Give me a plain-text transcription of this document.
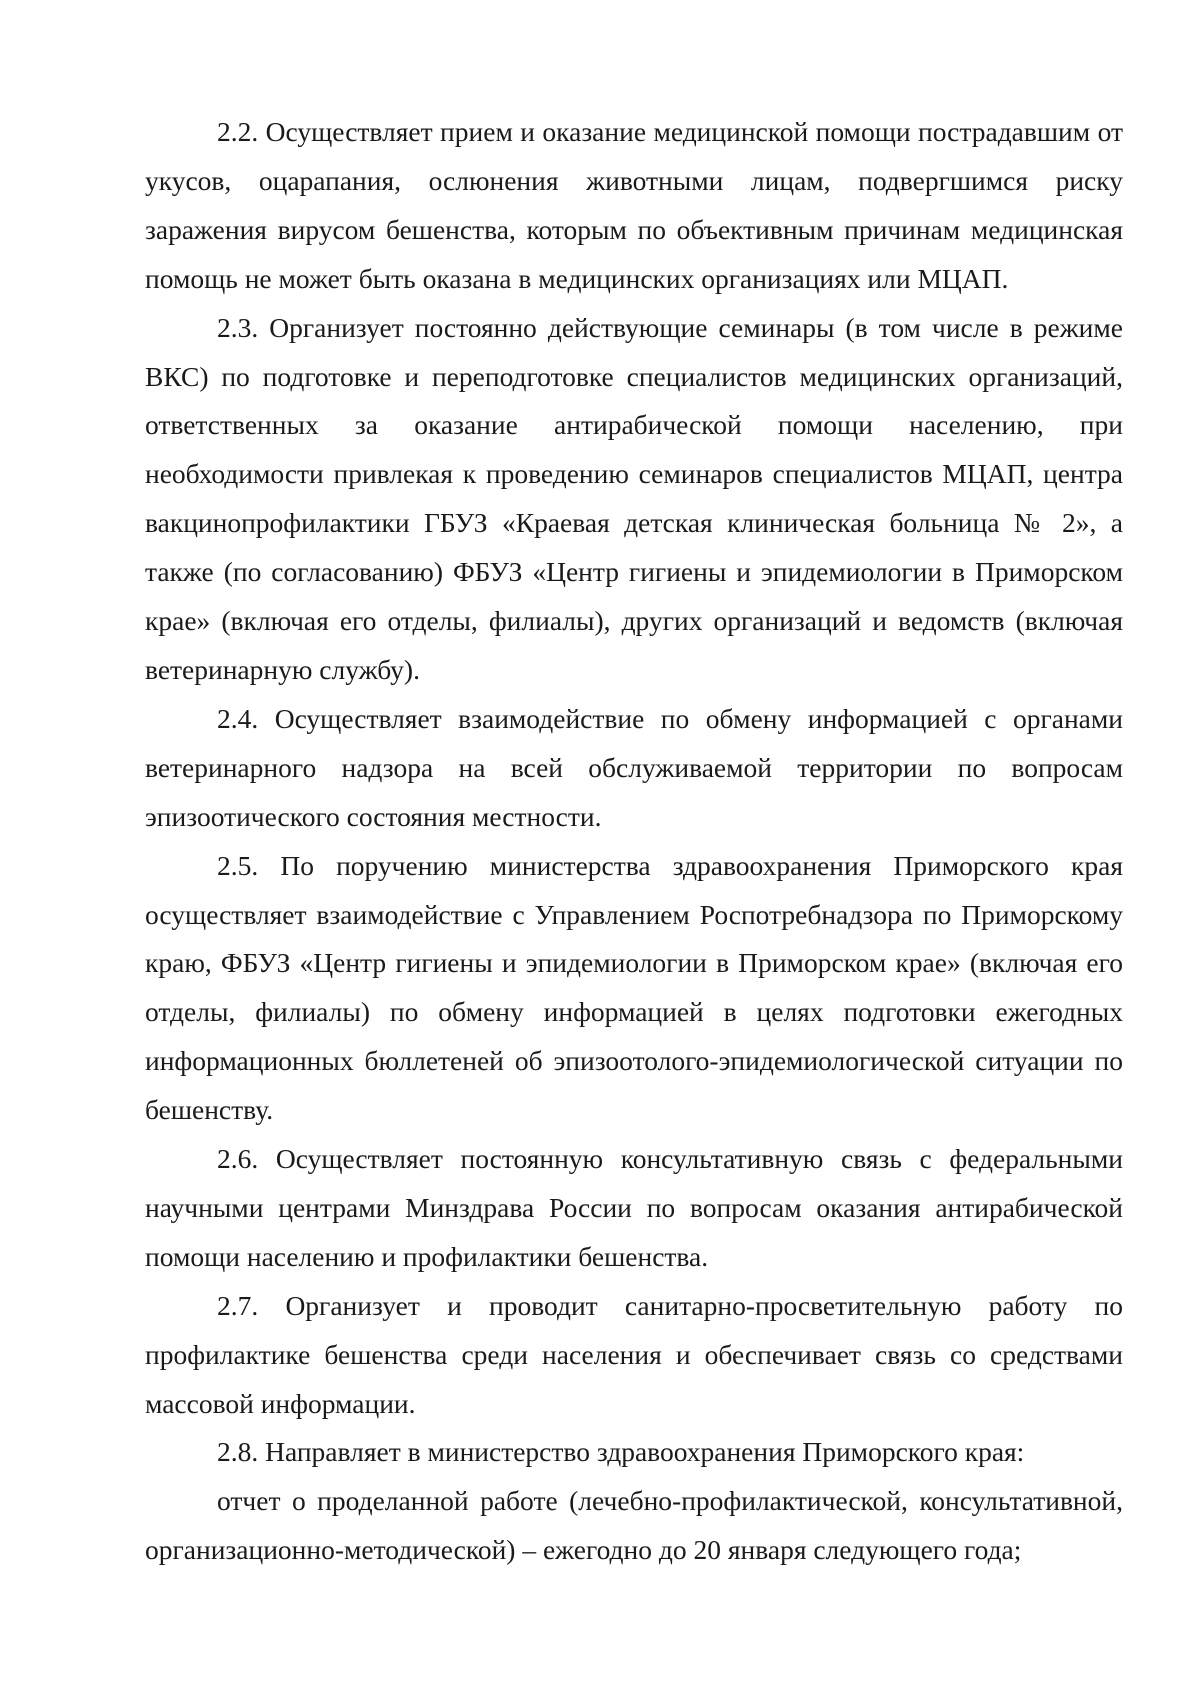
2.2. Осуществляет прием и оказание медицинской помощи пострадавшим от укусов, оцарапания, ослюнения животными лицам, подвергшимся риску заражения вирусом бешенства, которым по объективным причинам медицинская помощь не может быть оказана в медицинских организациях или МЦАП.

2.3. Организует постоянно действующие семинары (в том числе в режиме ВКС) по подготовке и переподготовке специалистов медицинских организаций, ответственных за оказание антирабической помощи населению, при необходимости привлекая к проведению семинаров специалистов МЦАП, центра вакцинопрофилактики ГБУЗ «Краевая детская клиническая больница № 2», а также (по согласованию) ФБУЗ «Центр гигиены и эпидемиологии в Приморском крае» (включая его отделы, филиалы), других организаций и ведомств (включая ветеринарную службу).

2.4. Осуществляет взаимодействие по обмену информацией с органами ветеринарного надзора на всей обслуживаемой территории по вопросам эпизоотического состояния местности.

2.5. По поручению министерства здравоохранения Приморского края осуществляет взаимодействие с Управлением Роспотребнадзора по Приморскому краю, ФБУЗ «Центр гигиены и эпидемиологии в Приморском крае» (включая его отделы, филиалы) по обмену информацией в целях подготовки ежегодных информационных бюллетеней об эпизоотолого-эпидемиологической ситуации по бешенству.

2.6. Осуществляет постоянную консультативную связь с федеральными научными центрами Минздрава России по вопросам оказания антирабической помощи населению и профилактики бешенства.

2.7. Организует и проводит санитарно-просветительную работу по профилактике бешенства среди населения и обеспечивает связь со средствами массовой информации.

2.8. Направляет в министерство здравоохранения Приморского края:

отчет о проделанной работе (лечебно-профилактической, консультативной, организационно-методической) – ежегодно до 20 января следующего года;
